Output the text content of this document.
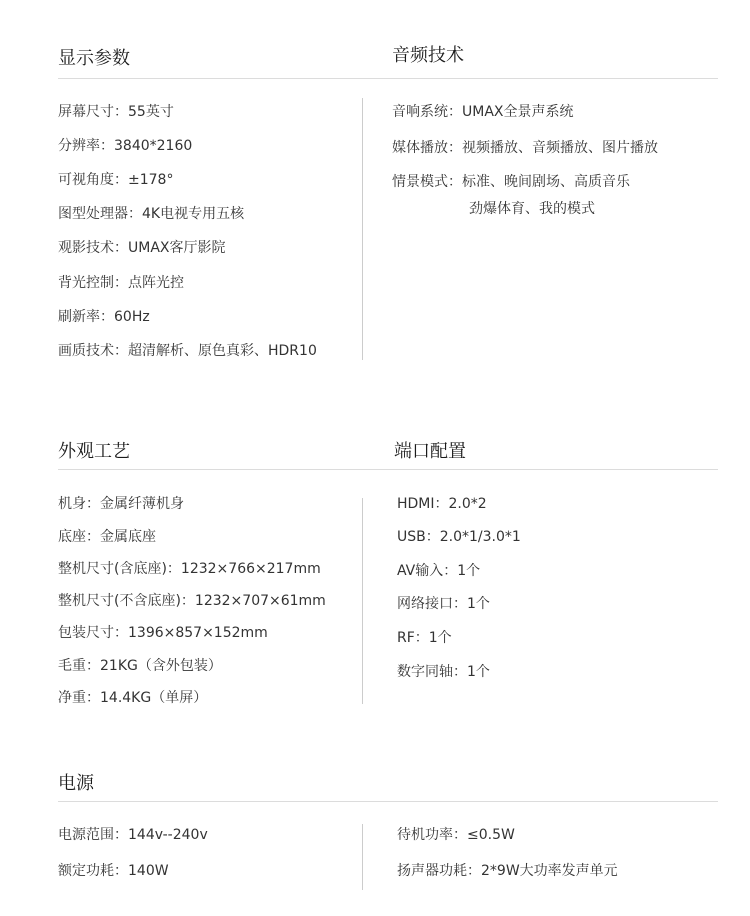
显示参数	音频技术
屏幕尺寸：55英寸
分辨率：3840*2160
可视角度：±178°
图型处理器：4K电视专用五核
观影技术：UMAX客厅影院
背光控制：点阵光控
刷新率：60Hz
画质技术：超清解析、原色真彩、HDR10
音响系统：UMAX全景声系统
媒体播放：视频播放、音频播放、图片播放
情景模式：标准、晚间剧场、高质音乐
劲爆体育、我的模式
外观工艺	端口配置
机身：金属纤薄机身
底座：金属底座
整机尺寸(含底座)：1232×766×217mm
整机尺寸(不含底座)：1232×707×61mm
包装尺寸：1396×857×152mm
毛重：21KG（含外包装）
净重：14.4KG（单屏）
HDMI：2.0*2
USB：2.0*1/3.0*1
AV输入：1个
网络接口：1个
RF：1个
数字同轴：1个
电源
电源范围：144v--240v
额定功耗：140W
待机功率：≤0.5W
扬声器功耗：2*9W大功率发声单元
